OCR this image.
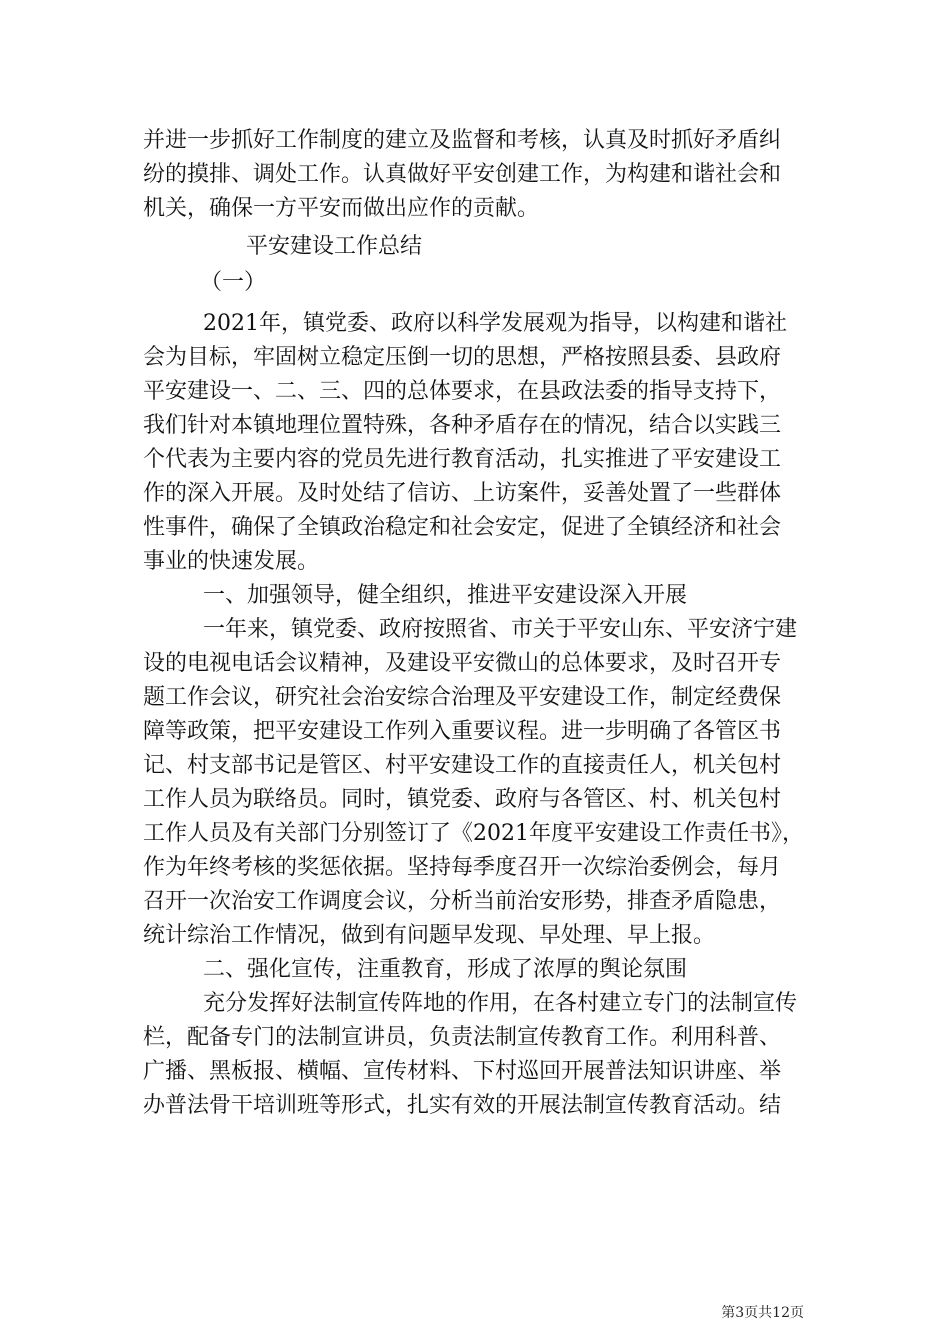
并进一步抓好工作制度的建立及监督和考核，认真及时抓好矛盾纠

纷的摸排、调处工作。认真做好平安创建工作，为构建和谐社会和

机关，确保一方平安而做出应作的贡献。

平安建设工作总结

（一）

2021年，镇党委、政府以科学发展观为指导，以构建和谐社

会为目标，牢固树立稳定压倒一切的思想，严格按照县委、县政府

平安建设一、二、三、四的总体要求，在县政法委的指导支持下，

我们针对本镇地理位置特殊，各种矛盾存在的情况，结合以实践三

个代表为主要内容的党员先进行教育活动，扎实推进了平安建设工

作的深入开展。及时处结了信访、上访案件，妥善处置了一些群体

性事件，确保了全镇政治稳定和社会安定，促进了全镇经济和社会

事业的快速发展。

一、加强领导，健全组织，推进平安建设深入开展

一年来，镇党委、政府按照省、市关于平安山东、平安济宁建

设的电视电话会议精神，及建设平安微山的总体要求，及时召开专

题工作会议，研究社会治安综合治理及平安建设工作，制定经费保

障等政策，把平安建设工作列入重要议程。进一步明确了各管区书

记、村支部书记是管区、村平安建设工作的直接责任人，机关包村

工作人员为联络员。同时，镇党委、政府与各管区、村、机关包村

工作人员及有关部门分别签订了《2021年度平安建设工作责任书》，

作为年终考核的奖惩依据。坚持每季度召开一次综治委例会，每月

召开一次治安工作调度会议，分析当前治安形势，排查矛盾隐患，

统计综治工作情况，做到有问题早发现、早处理、早上报。

二、强化宣传，注重教育，形成了浓厚的舆论氛围

充分发挥好法制宣传阵地的作用，在各村建立专门的法制宣传

栏，配备专门的法制宣讲员，负责法制宣传教育工作。利用科普、

广播、黑板报、横幅、宣传材料、下村巡回开展普法知识讲座、举

办普法骨干培训班等形式，扎实有效的开展法制宣传教育活动。结

第3页共12页
